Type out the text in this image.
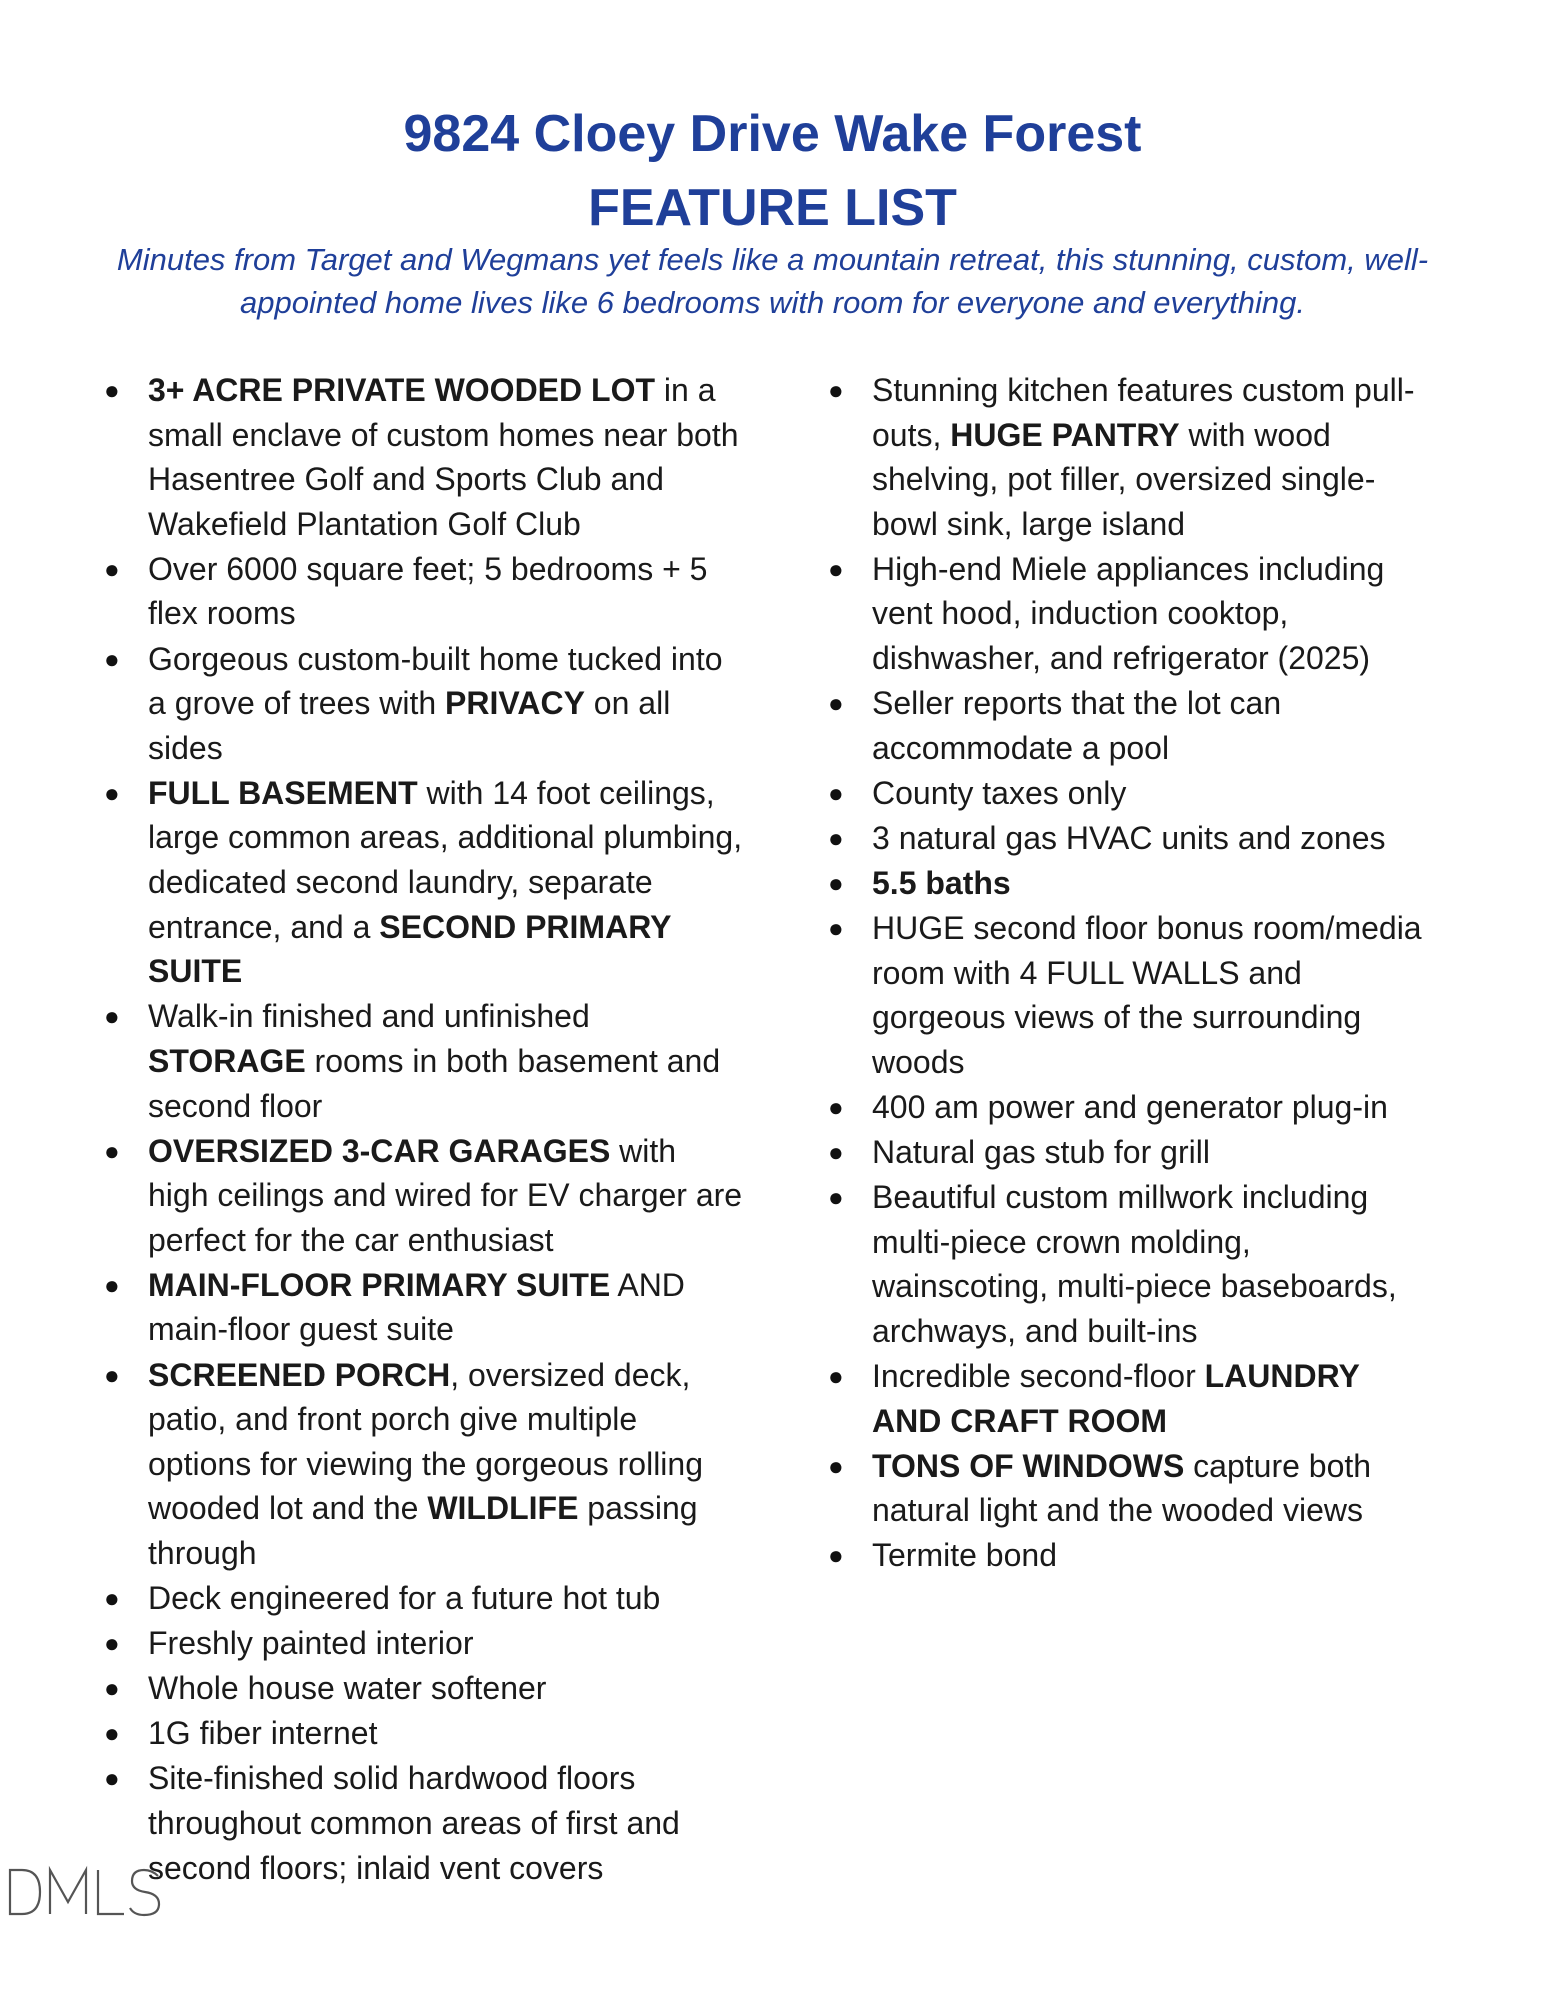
9824 Cloey Drive Wake Forest
FEATURE LIST

Minutes from Target and Wegmans yet feels like a mountain retreat, this stunning, custom, well-appointed home lives like 6 bedrooms with room for everyone and everything.

● 3+ ACRE PRIVATE WOODED LOT in a small enclave of custom homes near both Hasentree Golf and Sports Club and Wakefield Plantation Golf Club
● Over 6000 square feet; 5 bedrooms + 5 flex rooms
● Gorgeous custom-built home tucked into a grove of trees with PRIVACY on all sides
● FULL BASEMENT with 14 foot ceilings, large common areas, additional plumbing, dedicated second laundry, separate entrance, and a SECOND PRIMARY SUITE
● Walk-in finished and unfinished STORAGE rooms in both basement and second floor
● OVERSIZED 3-CAR GARAGES with high ceilings and wired for EV charger are perfect for the car enthusiast
● MAIN-FLOOR PRIMARY SUITE AND main-floor guest suite
● SCREENED PORCH, oversized deck, patio, and front porch give multiple options for viewing the gorgeous rolling wooded lot and the WILDLIFE passing through
● Deck engineered for a future hot tub
● Freshly painted interior
● Whole house water softener
● 1G fiber internet
● Site-finished solid hardwood floors throughout common areas of first and second floors; inlaid vent covers
● Stunning kitchen features custom pull-outs, HUGE PANTRY with wood shelving, pot filler, oversized single-bowl sink, large island
● High-end Miele appliances including vent hood, induction cooktop, dishwasher, and refrigerator (2025)
● Seller reports that the lot can accommodate a pool
● County taxes only
● 3 natural gas HVAC units and zones
● 5.5 baths
● HUGE second floor bonus room/media room with 4 FULL WALLS and gorgeous views of the surrounding woods
● 400 am power and generator plug-in
● Natural gas stub for grill
● Beautiful custom millwork including multi-piece crown molding, wainscoting, multi-piece baseboards, archways, and built-ins
● Incredible second-floor LAUNDRY AND CRAFT ROOM
● TONS OF WINDOWS capture both natural light and the wooded views
● Termite bond
